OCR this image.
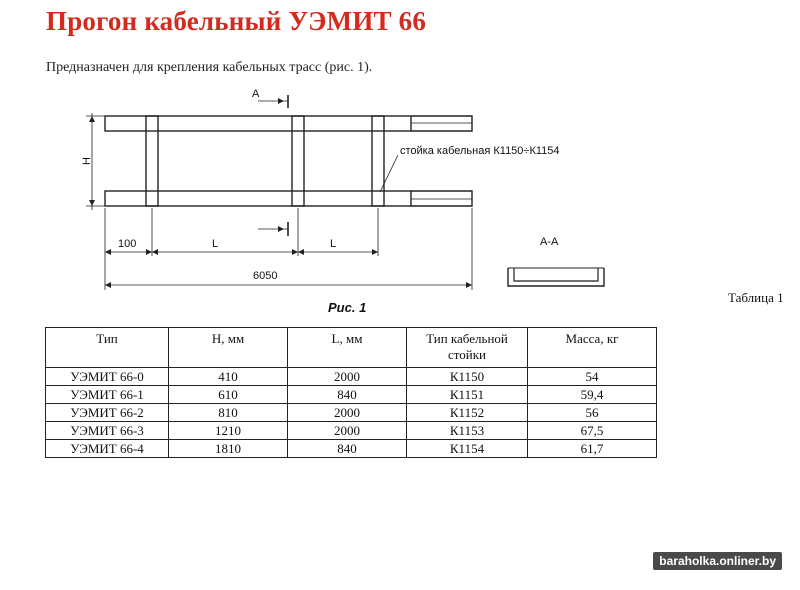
Прогон кабельный УЭМИТ 66
Предназначен для крепления кабельных трасс (рис. 1).
A
H
стойка кабельная К1150÷К1154
100	L	L
6050
A-A
Рис. 1
Таблица 1
Тип	H, мм	L, мм	Тип кабельной стойки	Масса, кг
УЭМИТ 66-0	410	2000	К1150	54
УЭМИТ 66-1	610	840	К1151	59,4
УЭМИТ 66-2	810	2000	К1152	56
УЭМИТ 66-3	1210	2000	К1153	67,5
УЭМИТ 66-4	1810	840	К1154	61,7
baraholka.onliner.by
